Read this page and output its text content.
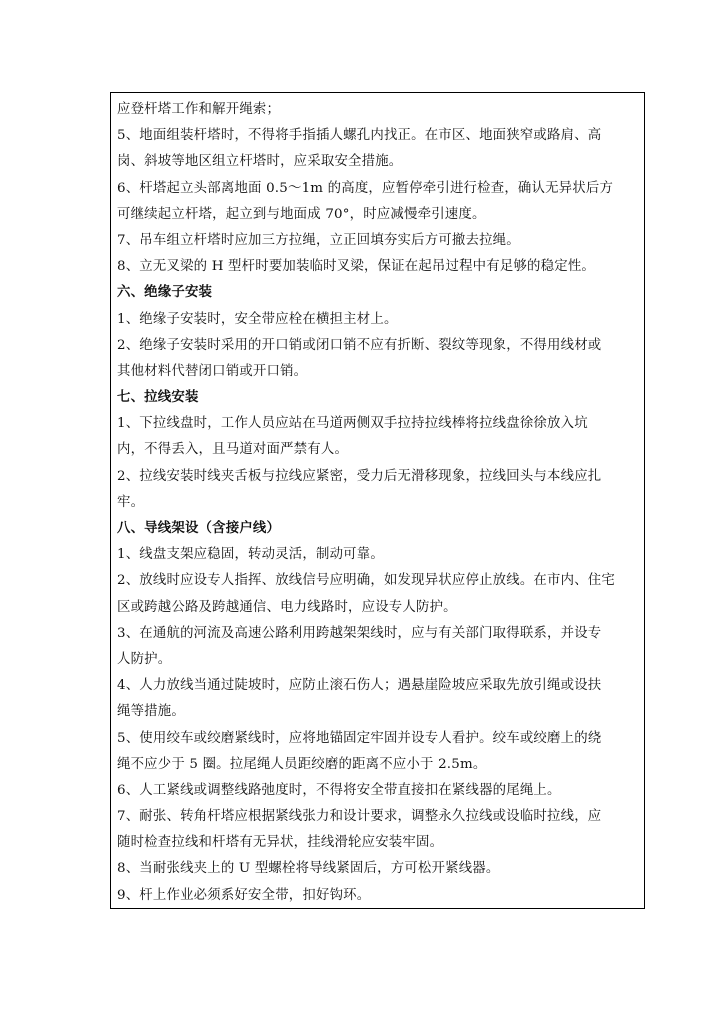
应登杆塔工作和解开绳索；
5、地面组装杆塔时，不得将手指插人螺孔内找正。在市区、地面狭窄或路肩、高
岗、斜坡等地区组立杆塔时，应采取安全措施。
6、杆塔起立头部离地面 0.5～1m 的高度，应暂停牵引进行检查，确认无异状后方
可继续起立杆塔，起立到与地面成 70°，时应减慢牵引速度。
7、吊车组立杆塔时应加三方拉绳，立正回填夯实后方可撤去拉绳。
8、立无叉梁的 H 型杆时要加装临时叉梁，保证在起吊过程中有足够的稳定性。
六、绝缘子安装
1、绝缘子安装时，安全带应栓在横担主材上。
2、绝缘子安装时采用的开口销或闭口销不应有折断、裂纹等现象，不得用线材或
其他材料代替闭口销或开口销。
七、拉线安装
1、下拉线盘时，工作人员应站在马道两侧双手拉持拉线棒将拉线盘徐徐放入坑
内，不得丢入，且马道对面严禁有人。
2、拉线安装时线夹舌板与拉线应紧密，受力后无滑移现象，拉线回头与本线应扎
牢。
八、导线架设（含接户线）
1、线盘支架应稳固，转动灵活，制动可靠。
2、放线时应设专人指挥、放线信号应明确，如发现异状应停止放线。在市内、住宅
区或跨越公路及跨越通信、电力线路时，应设专人防护。
3、在通航的河流及高速公路利用跨越架架线时，应与有关部门取得联系，并设专
人防护。
4、人力放线当通过陡坡时，应防止滚石伤人；遇悬崖险坡应采取先放引绳或设扶
绳等措施。
5、使用绞车或绞磨紧线时，应将地锚固定牢固并设专人看护。绞车或绞磨上的绕
绳不应少于 5 圈。拉尾绳人员距绞磨的距离不应小于 2.5m。
6、人工紧线或调整线路弛度时，不得将安全带直接扣在紧线器的尾绳上。
7、耐张、转角杆塔应根据紧线张力和设计要求，调整永久拉线或设临时拉线，应
随时检查拉线和杆塔有无异状，挂线滑轮应安装牢固。
8、当耐张线夹上的 U 型螺栓将导线紧固后，方可松开紧线器。
9、杆上作业必须系好安全带，扣好钩环。
